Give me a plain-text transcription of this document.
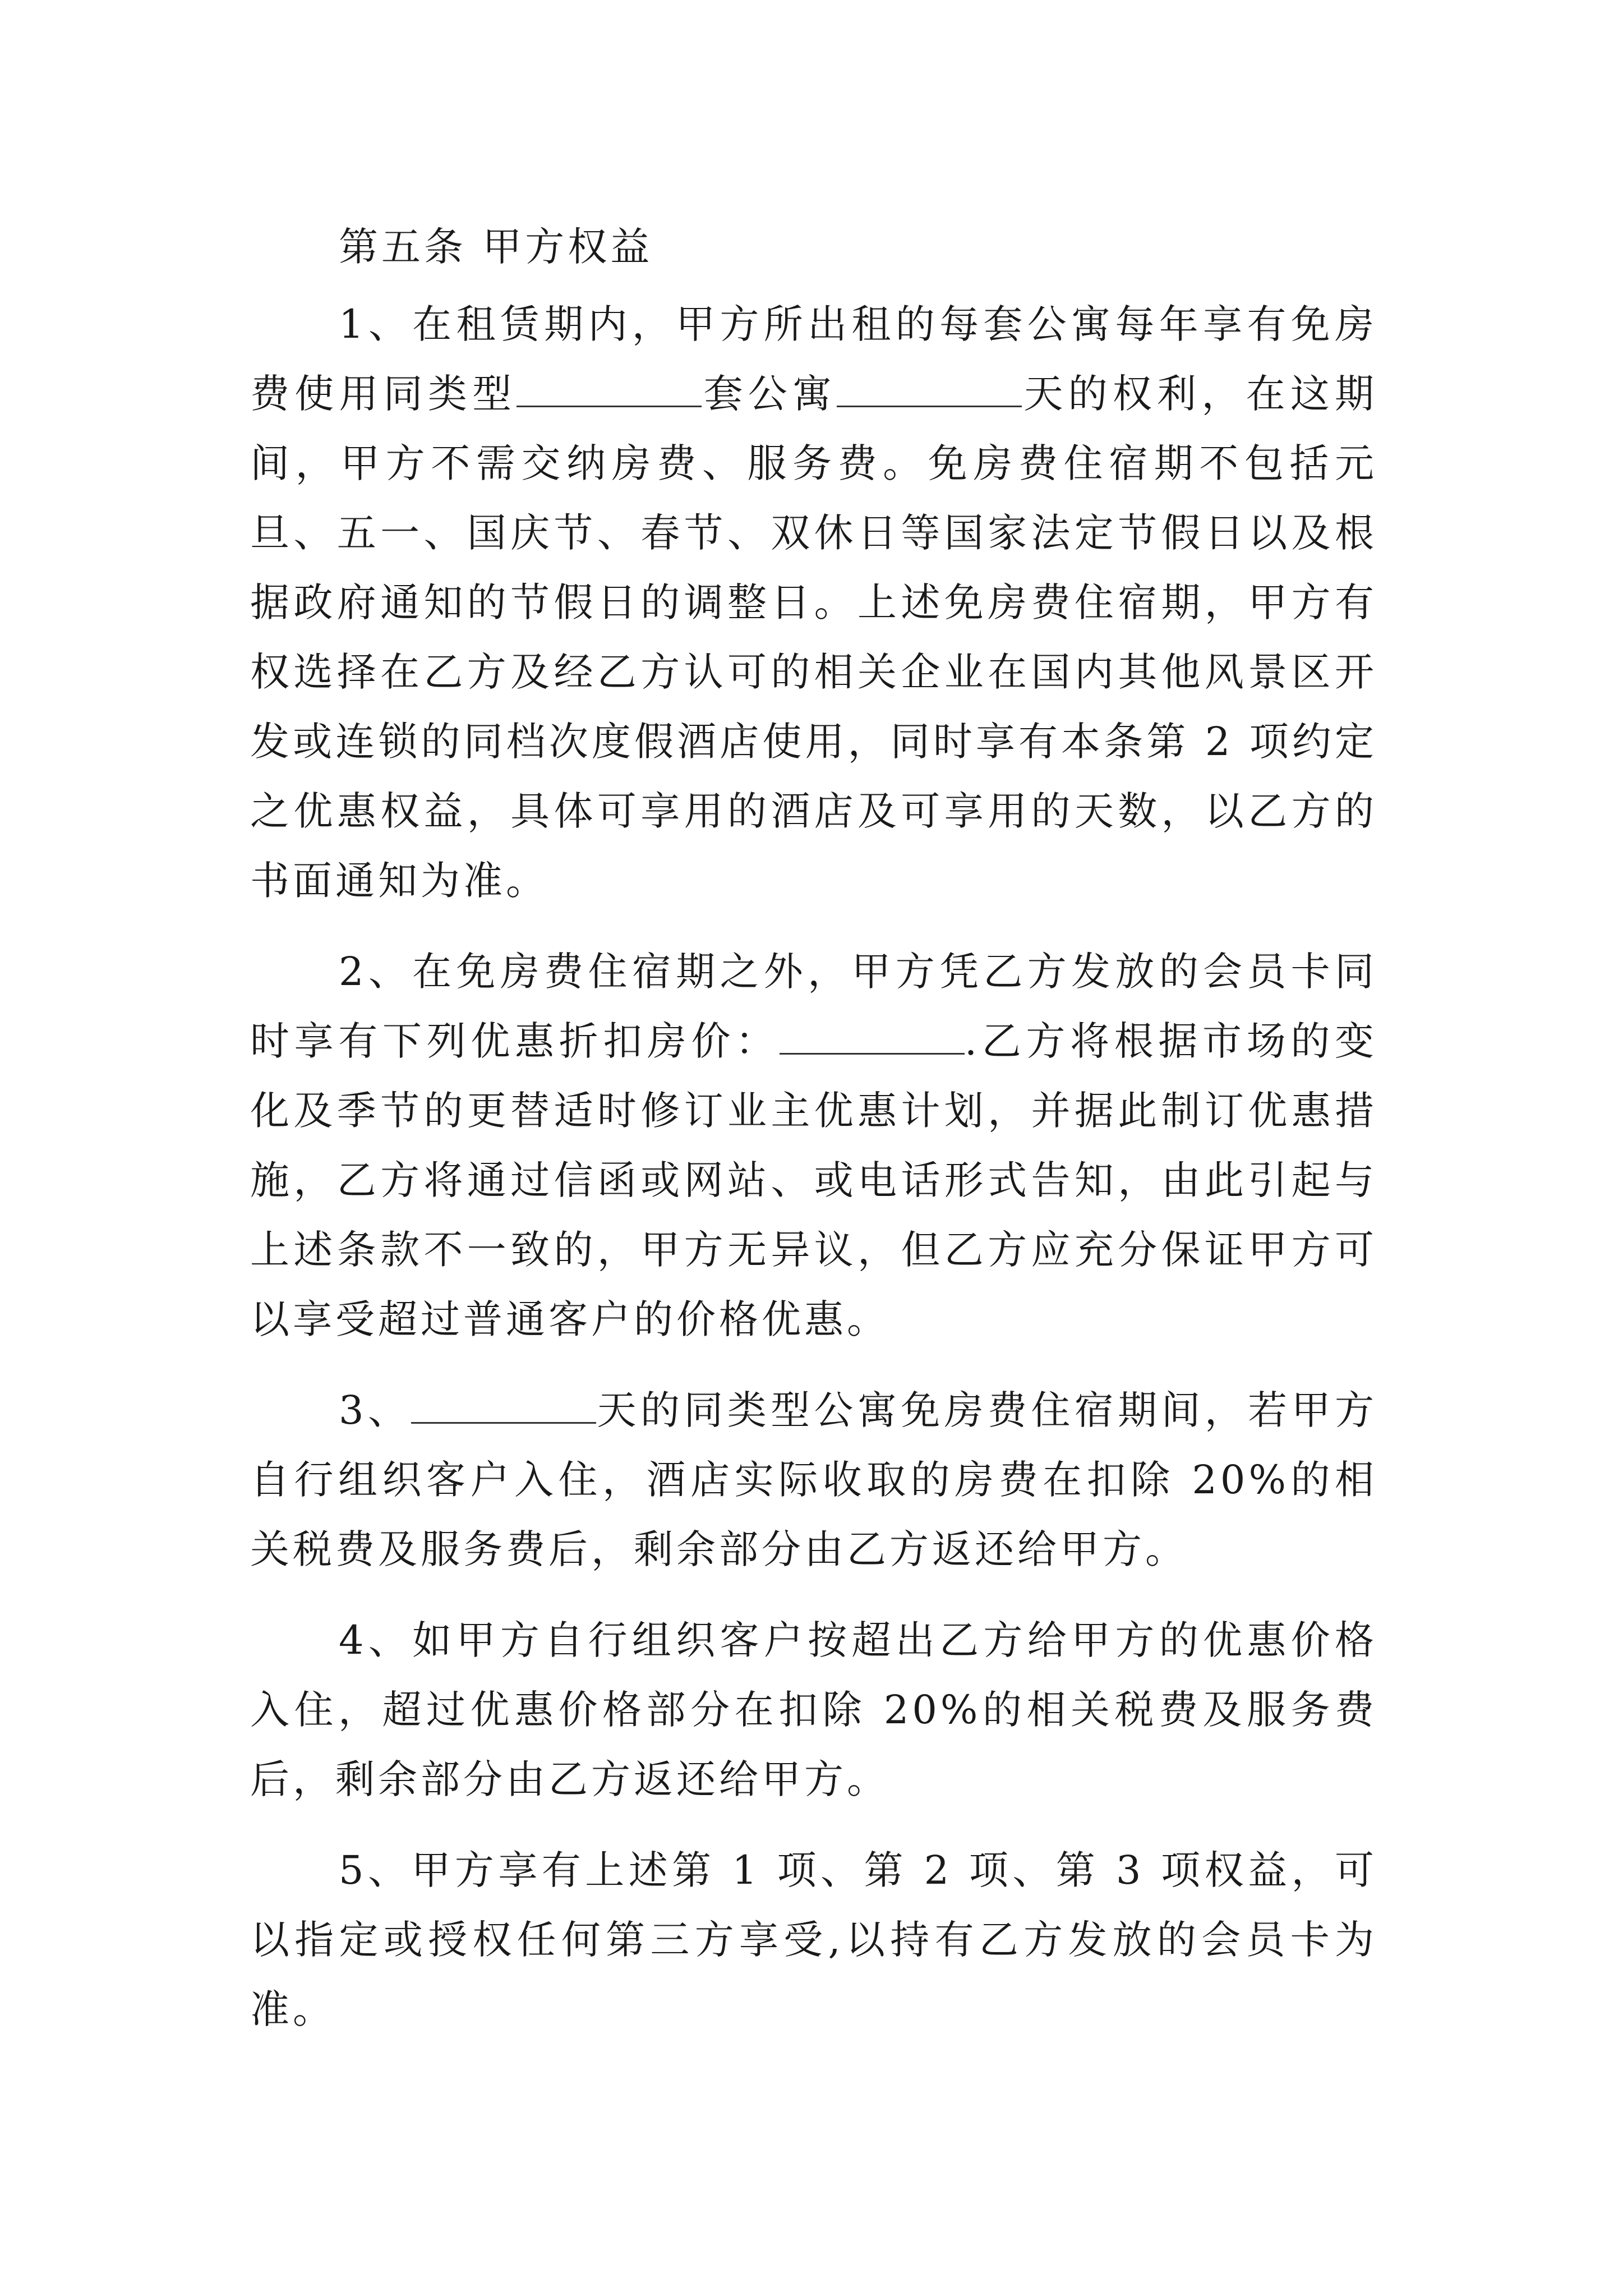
第五条 甲方权益

1、在租赁期内，甲方所出租的每套公寓每年享有免房费使用同类型	套公寓	天的权利，在这期间，甲方不需交纳房费、服务费。免房费住宿期不包括元旦、五一、国庆节、春节、双休日等国家法定节假日以及根据政府通知的节假日的调整日。上述免房费住宿期，甲方有权选择在乙方及经乙方认可的相关企业在国内其他风景区开发或连锁的同档次度假酒店使用，同时享有本条第 2 项约定之优惠权益，具体可享用的酒店及可享用的天数，以乙方的书面通知为准。

2、在免房费住宿期之外，甲方凭乙方发放的会员卡同时享有下列优惠折扣房价：	.乙方将根据市场的变化及季节的更替适时修订业主优惠计划，并据此制订优惠措施，乙方将通过信函或网站、或电话形式告知，由此引起与上述条款不一致的，甲方无异议，但乙方应充分保证甲方可以享受超过普通客户的价格优惠。

3、	天的同类型公寓免房费住宿期间，若甲方自行组织客户入住，酒店实际收取的房费在扣除 20%的相关税费及服务费后，剩余部分由乙方返还给甲方。

4、如甲方自行组织客户按超出乙方给甲方的优惠价格入住，超过优惠价格部分在扣除 20%的相关税费及服务费后，剩余部分由乙方返还给甲方。

5、甲方享有上述第 1 项、第 2 项、第 3 项权益，可以指定或授权任何第三方享受,以持有乙方发放的会员卡为准。
